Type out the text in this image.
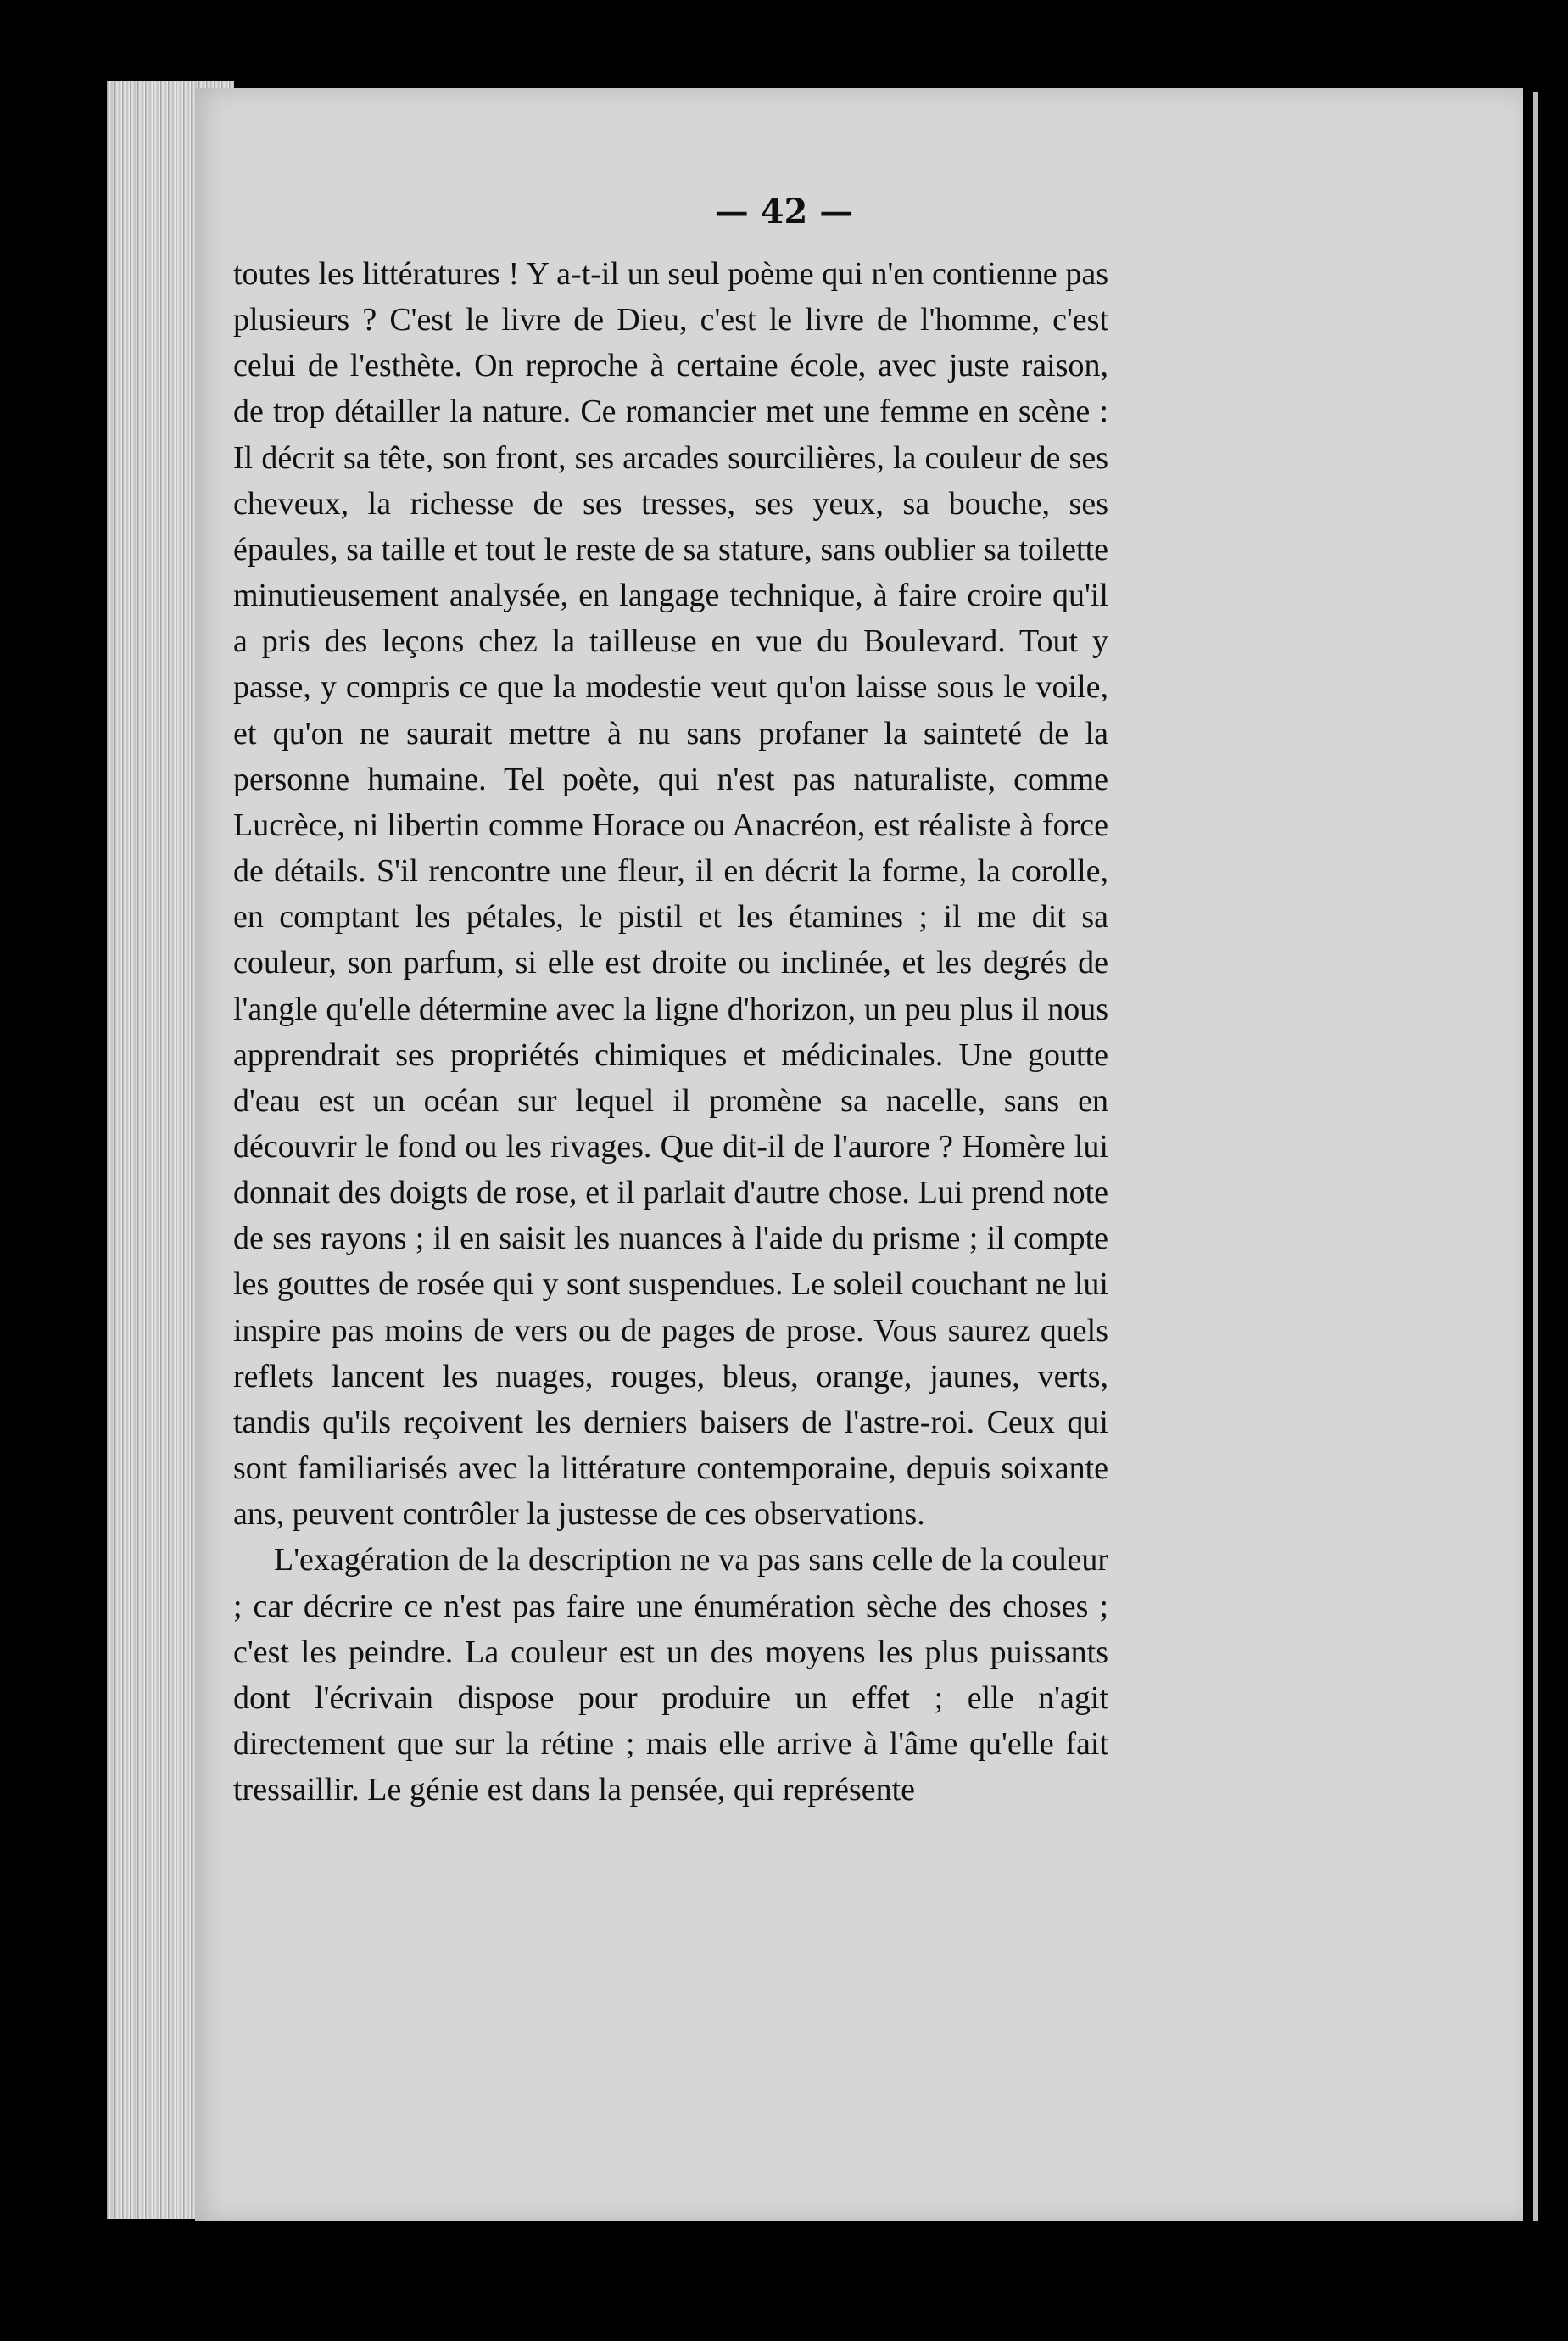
— 42 —

toutes les littératures ! Y a-t-il un seul poème qui n'en contienne pas plusieurs ? C'est le livre de Dieu, c'est le livre de l'homme, c'est celui de l'esthète. On reproche à certaine école, avec juste raison, de trop détailler la nature. Ce romancier met une femme en scène : Il décrit sa tête, son front, ses arcades sourcilières, la couleur de ses cheveux, la richesse de ses tresses, ses yeux, sa bouche, ses épaules, sa taille et tout le reste de sa stature, sans oublier sa toilette minutieusement analysée, en langage technique, à faire croire qu'il a pris des leçons chez la tailleuse en vue du Boulevard. Tout y passe, y compris ce que la modestie veut qu'on laisse sous le voile, et qu'on ne saurait mettre à nu sans profaner la sainteté de la personne humaine. Tel poète, qui n'est pas naturaliste, comme Lucrèce, ni libertin comme Horace ou Anacréon, est réaliste à force de détails. S'il rencontre une fleur, il en décrit la forme, la corolle, en comptant les pétales, le pistil et les étamines ; il me dit sa couleur, son parfum, si elle est droite ou inclinée, et les degrés de l'angle qu'elle détermine avec la ligne d'horizon, un peu plus il nous apprendrait ses propriétés chimiques et médicinales. Une goutte d'eau est un océan sur lequel il promène sa nacelle, sans en découvrir le fond ou les rivages. Que dit-il de l'aurore ? Homère lui donnait des doigts de rose, et il parlait d'autre chose. Lui prend note de ses rayons ; il en saisit les nuances à l'aide du prisme ; il compte les gouttes de rosée qui y sont suspendues. Le soleil couchant ne lui inspire pas moins de vers ou de pages de prose. Vous saurez quels reflets lancent les nuages, rouges, bleus, orange, jaunes, verts, tandis qu'ils reçoivent les derniers baisers de l'astre-roi. Ceux qui sont familiarisés avec la littérature contemporaine, depuis soixante ans, peuvent contrôler la justesse de ces observations.

L'exagération de la description ne va pas sans celle de la couleur ; car décrire ce n'est pas faire une énumération sèche des choses ; c'est les peindre. La couleur est un des moyens les plus puissants dont l'écrivain dispose pour produire un effet ; elle n'agit directement que sur la rétine ; mais elle arrive à l'âme qu'elle fait tressaillir. Le génie est dans la pensée, qui représente
